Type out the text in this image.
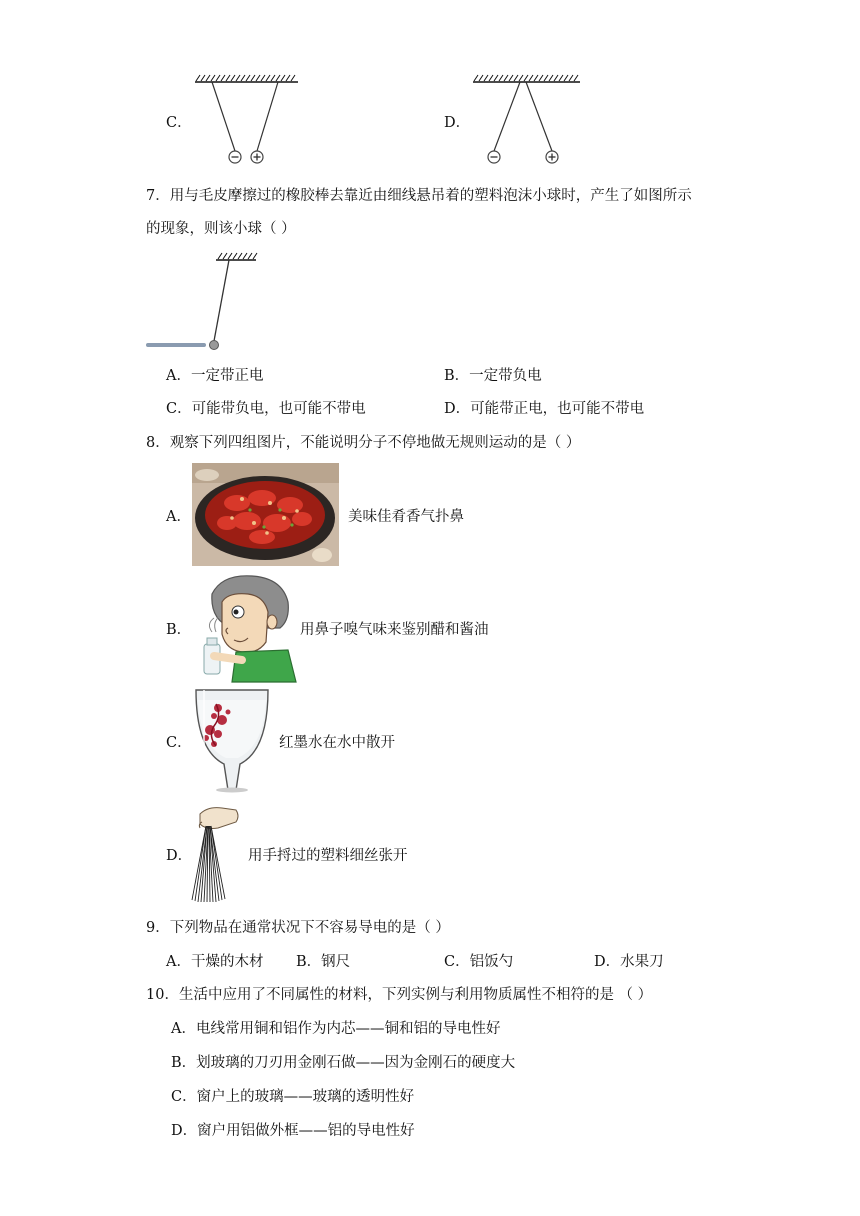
C．	D．
7．用与毛皮摩擦过的橡胶棒去靠近由细线悬吊着的塑料泡沫小球时，产生了如图所示
的现象，则该小球（ ）
A．一定带正电	B．一定带负电
C．可能带负电，也可能不带电	D．可能带正电，也可能不带电
8．观察下列四组图片，不能说明分子不停地做无规则运动的是（ ）
A．	美味佳肴香气扑鼻
B．	用鼻子嗅气味来鉴别醋和酱油
C．	红墨水在水中散开
D．	用手捋过的塑料细丝张开
9．下列物品在通常状况下不容易导电的是（ ）
A．干燥的木材 B．钢尺	C．铝饭勺	D．水果刀
10．生活中应用了不同属性的材料，下列实例与利用物质属性不相符的是 （ ）
A．电线常用铜和铝作为内芯——铜和铝的导电性好
B．划玻璃的刀刃用金刚石做——因为金刚石的硬度大
C．窗户上的玻璃——玻璃的透明性好
D．窗户用铝做外框——铝的导电性好
